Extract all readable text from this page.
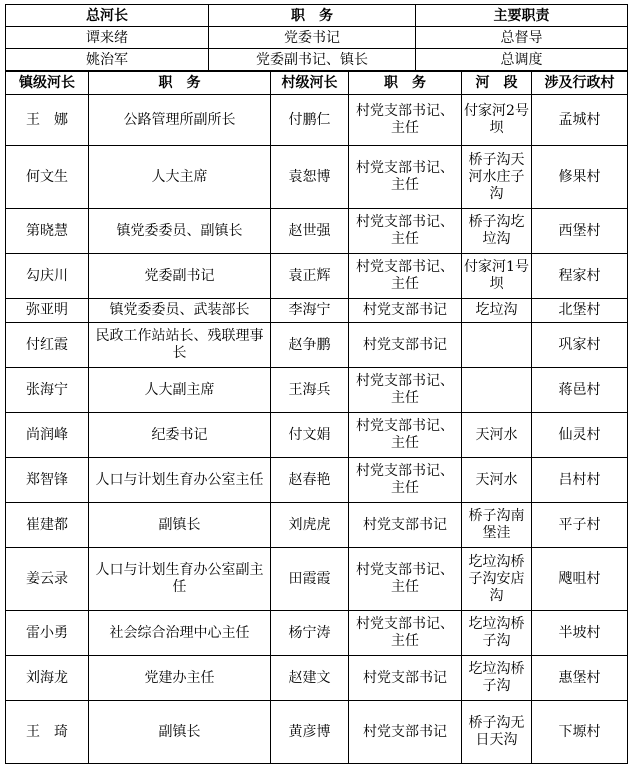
总河长	职　务	主要职责
谭来绪	党委书记	总督导
姚治军	党委副书记、镇长	总调度
镇级河长	职　务	村级河长	职　务	河　段	涉及行政村
王　娜	公路管理所副所长	付鹏仁	村党支部书记、主任	付家河2号坝	孟城村
何文生	人大主席	袁恕博	村党支部书记、主任	桥子沟天河水庄子沟	修果村
第晓慧	镇党委委员、副镇长	赵世强	村党支部书记、主任	桥子沟圪垃沟	西堡村
勾庆川	党委副书记	袁正辉	村党支部书记、主任	付家河1号坝	程家村
弥亚明	镇党委委员、武装部长	李海宁	村党支部书记	圪垃沟	北堡村
付红霞	民政工作站站长、残联理事长	赵争鹏	村党支部书记		巩家村
张海宁	人大副主席	王海兵	村党支部书记、主任		蒋邑村
尚润峰	纪委书记	付文娟	村党支部书记、主任	天河水	仙灵村
郑智锋	人口与计划生育办公室主任	赵春艳	村党支部书记、主任	天河水	吕村村
崔建都	副镇长	刘虎虎	村党支部书记	桥子沟南堡洼	平子村
姜云录	人口与计划生育办公室副主任	田霞霞	村党支部书记、主任	圪垃沟桥子沟安店沟	飕咀村
雷小勇	社会综合治理中心主任	杨宁涛	村党支部书记、主任	圪垃沟桥子沟	半坡村
刘海龙	党建办主任	赵建文	村党支部书记	圪垃沟桥子沟	惠堡村
王　琦	副镇长	黄彦博	村党支部书记	桥子沟无日天沟	下塬村
